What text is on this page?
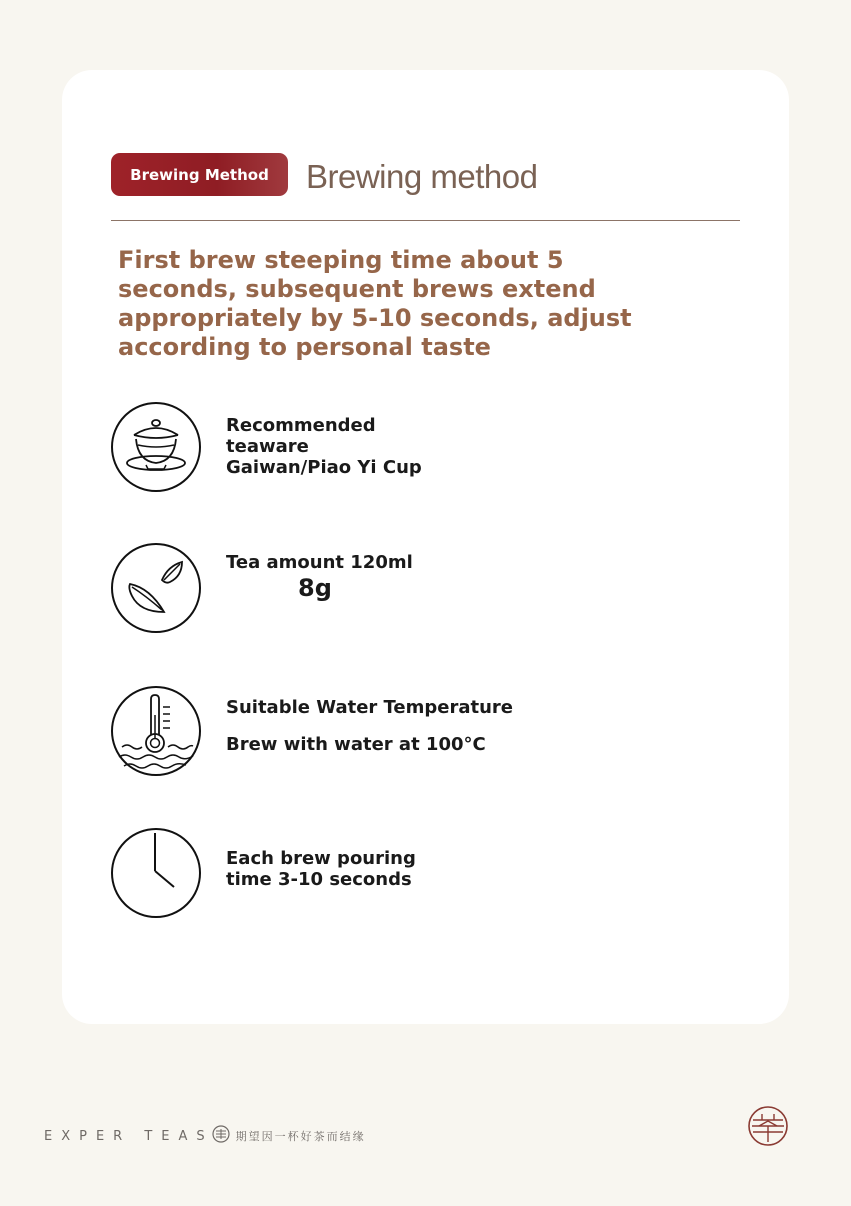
Brewing Method Brewing method
First brew steeping time about 5 seconds, subsequent brews extend appropriately by 5-10 seconds, adjust according to personal taste
Recommended
teaware
Gaiwan/Piao Yi Cup
Tea amount 120ml
8g
Suitable Water Temperature
Brew with water at 100°C
Each brew pouring
time 3-10 seconds
EXPER TEAS 期望因一杯好茶而结缘
